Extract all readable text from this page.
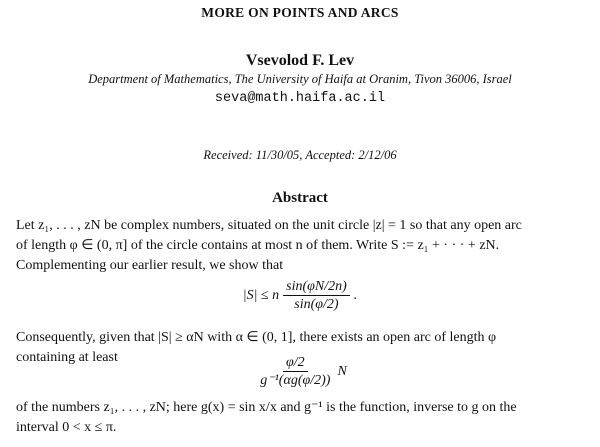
MORE ON POINTS AND ARCS
Vsevolod F. Lev
Department of Mathematics, The University of Haifa at Oranim, Tivon 36006, Israel
seva@math.haifa.ac.il
Received: 11/30/05, Accepted: 2/12/06
Abstract
Let z₁, . . . , zN be complex numbers, situated on the unit circle |z| = 1 so that any open arc
of length φ ∈ (0, π] of the circle contains at most n of them. Write S := z₁ + · · · + zN.
Complementing our earlier result, we show that
|S| ≤ n $\frac{\sin(\varphi N/2n)}{\sin(\varphi/2)}$ .
Consequently, given that |S| ≥ αN with α ∈ (0, 1], there exists an open arc of length φ
containing at least	$\frac{\varphi/2}{\text{g⁻¹(αg(φ/2))}}$ N
of the numbers z₁, . . . , zN; here g(x) = sin x/x and g⁻¹ is the function, inverse to g on the
interval 0 < x ≤ π.
